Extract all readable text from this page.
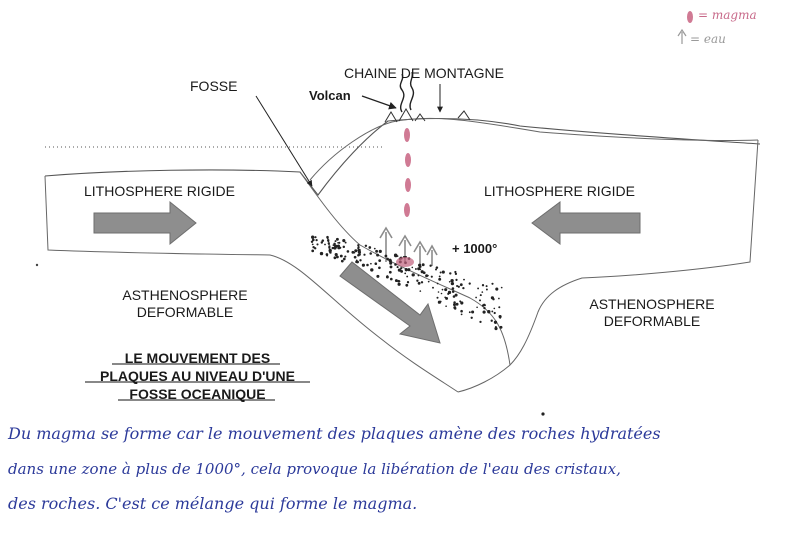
= magma
= eau
FOSSE
CHAINE DE MONTAGNE
Volcan
LITHOSPHERE RIGIDE	LITHOSPHERE RIGIDE
ASTHENOSPHERE
DEFORMABLE	ASTHENOSPHERE
DEFORMABLE
+ 1000°
LE MOUVEMENT DES
PLAQUES AU NIVEAU D'UNE
FOSSE OCEANIQUE
Du magma se forme car le mouvement des plaques amène des roches hydratées
dans une zone à plus de 1000°, cela provoque la libération de l'eau des cristaux,
des roches. C'est ce mélange qui forme le magma.
